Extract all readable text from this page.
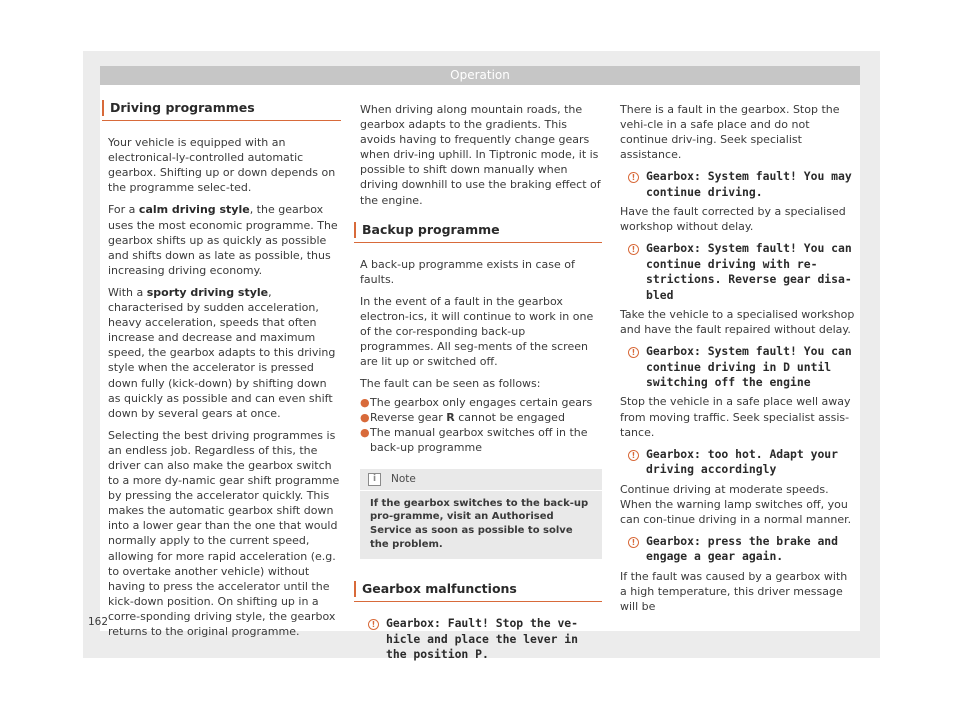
Operation
Driving programmes
Your vehicle is equipped with an electronical-ly-controlled automatic gearbox. Shifting up or down depends on the programme selec-ted.
For a calm driving style, the gearbox uses the most economic programme. The gearbox shifts up as quickly as possible and shifts down as late as possible, thus increasing driving economy.
With a sporty driving style, characterised by sudden acceleration, heavy acceleration, speeds that often increase and decrease and maximum speed, the gearbox adapts to this driving style when the accelerator is pressed down fully (kick-down) by shifting down as quickly as possible and can even shift down by several gears at once.
Selecting the best driving programmes is an endless job. Regardless of this, the driver can also make the gearbox switch to a more dy-namic gear shift programme by pressing the accelerator quickly. This makes the automatic gearbox shift down into a lower gear than the one that would normally apply to the current speed, allowing for more rapid acceleration (e.g. to overtake another vehicle) without having to press the accelerator until the kick-down position. On shifting up in a corre-sponding driving style, the gearbox returns to the original programme.
When driving along mountain roads, the gearbox adapts to the gradients. This avoids having to frequently change gears when driv-ing uphill. In Tiptronic mode, it is possible to shift down manually when driving downhill to use the braking effect of the engine.
Backup programme
A back-up programme exists in case of faults.
In the event of a fault in the gearbox electron-ics, it will continue to work in one of the cor-responding back-up programmes. All seg-ments of the screen are lit up or switched off.
The fault can be seen as follows:
● The gearbox only engages certain gears
● Reverse gear R cannot be engaged
● The manual gearbox switches off in the back-up programme
i	Note
If the gearbox switches to the back-up pro-gramme, visit an Authorised Service as soon as possible to solve the problem.
Gearbox malfunctions
! Gearbox: Fault! Stop the ve-hicle and place the lever in the position P.
There is a fault in the gearbox. Stop the vehi-cle in a safe place and do not continue driv-ing. Seek specialist assistance.
! Gearbox: System fault! You may continue driving.
Have the fault corrected by a specialised workshop without delay.
! Gearbox: System fault! You can continue driving with re-strictions. Reverse gear disa-bled
Take the vehicle to a specialised workshop and have the fault repaired without delay.
! Gearbox: System fault! You can continue driving in D until switching off the engine
Stop the vehicle in a safe place well away from moving traffic. Seek specialist assis-tance.
! Gearbox: too hot. Adapt your driving accordingly
Continue driving at moderate speeds. When the warning lamp switches off, you can con-tinue driving in a normal manner.
! Gearbox: press the brake and engage a gear again.
If the fault was caused by a gearbox with a high temperature, this driver message will be
162
